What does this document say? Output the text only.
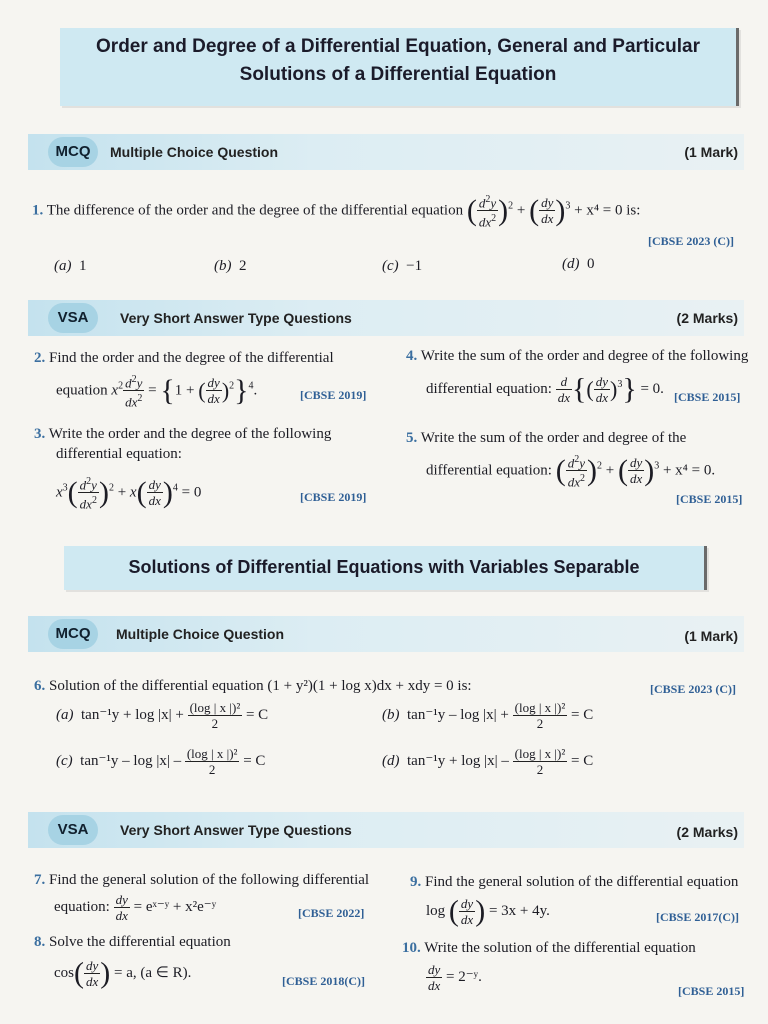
Order and Degree of a Differential Equation, General and Particular
Solutions of a Differential Equation
MCQ	Multiple Choice Question	(1 Mark)
1. The difference of the order and the degree of the differential equation ( $\frac{d^2y}{dx^2} )^2$ + ( $\frac{dy}{dx} )^3 + x^4 = 0$ is:
[CBSE 2023 (C)]
(a) 1	(b) 2	(c) −1	(d) 0
VSA	Very Short Answer Type Questions	(2 Marks)
2. Find the order and the degree of the differential
equation $x^2 \frac{d^2y}{dx^2} = \{1$ + ( $\frac{dy}{dx} )^2\}^4$.	[CBSE 2019]
3. Write the order and the degree of the following
differential equation:
$x^3( \frac{d^2y}{dx^2} )^2 + x( \frac{dy}{dx} )^4 = 0$	[CBSE 2019]
4. Write the sum of the order and degree of the following
differential equation: $\frac{d}{dx}$ {( $\frac{dy}{dx} )^3\} = 0$.
[CBSE 2015]
5. Write the sum of the order and degree of the
differential equation: ( $\frac{d^2y}{dx^2} )^2$ + ( $\frac{dy}{dx} )^3 + x^4 = 0$.
[CBSE 2015]
Solutions of Differential Equations with Variables Separable
MCQ	Multiple Choice Question	(1 Mark)
6. Solution of the differential equation (1 + y²)(1 + log x)dx + xdy = 0 is:	[CBSE 2023 (C)]
(a) $\tan^{-1}y + \log |x| + \frac{\text{(log | x |)²}}{2} = C$	(b) $\tan^{-1}y - \log |x| + \frac{\text{(log | x |)²}}{2} = C$
(c) $\tan^{-1}y - \log |x| - \frac{\text{(log | x |)²}}{2} = C$	(d) $\tan^{-1}y + \log |x| - \frac{\text{(log | x |)²}}{2} = C$
VSA	Very Short Answer Type Questions	(2 Marks)
7. Find the general solution of the following differential
equation: $\frac{dy}{dx}$ = eˣ⁻ʸ + x²e⁻ʸ	[CBSE 2022]
8. Solve the differential equation
$\cos( \frac{dy}{dx}$ ) = a, (a ∈ R).
[CBSE 2018(C)]
9. Find the general solution of the differential equation
log ( $\frac{dy}{dx}$ ) = 3x + 4y.	[CBSE 2017(C)]
10. Write the solution of the differential equation
$\frac{dy}{dx}$ = 2⁻ʸ.
[CBSE 2015]
